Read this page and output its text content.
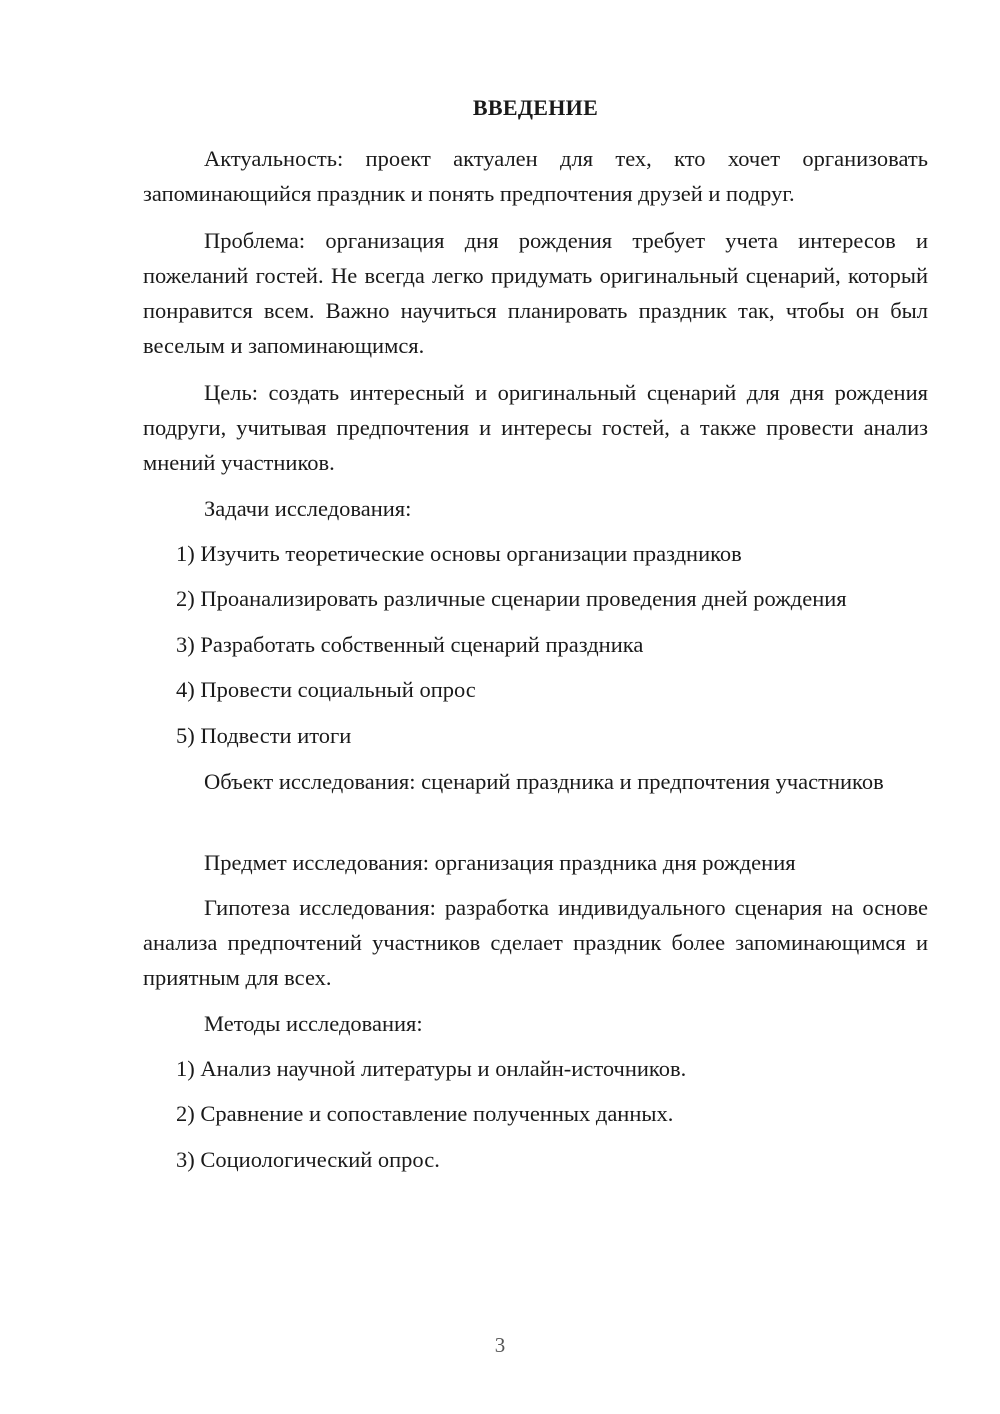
ВВЕДЕНИЕ

Актуальность: проект актуален для тех, кто хочет организовать запоминающийся праздник и понять предпочтения друзей и подруг.

Проблема: организация дня рождения требует учета интересов и пожеланий гостей. Не всегда легко придумать оригинальный сценарий, который понравится всем. Важно научиться планировать праздник так, чтобы он был веселым и запоминающимся.

Цель: создать интересный и оригинальный сценарий для дня рождения подруги, учитывая предпочтения и интересы гостей, а также провести анализ мнений участников.

Задачи исследования:

1) Изучить теоретические основы организации праздников
2) Проанализировать различные сценарии проведения дней рождения
3) Разработать собственный сценарий праздника
4) Провести социальный опрос
5) Подвести итоги

Объект исследования: сценарий праздника и предпочтения участников

Предмет исследования: организация праздника дня рождения

Гипотеза исследования: разработка индивидуального сценария на основе анализа предпочтений участников сделает праздник более запоминающимся и приятным для всех.

Методы исследования:

1) Анализ научной литературы и онлайн-источников.
2) Сравнение и сопоставление полученных данных.
3) Социологический опрос.
3
